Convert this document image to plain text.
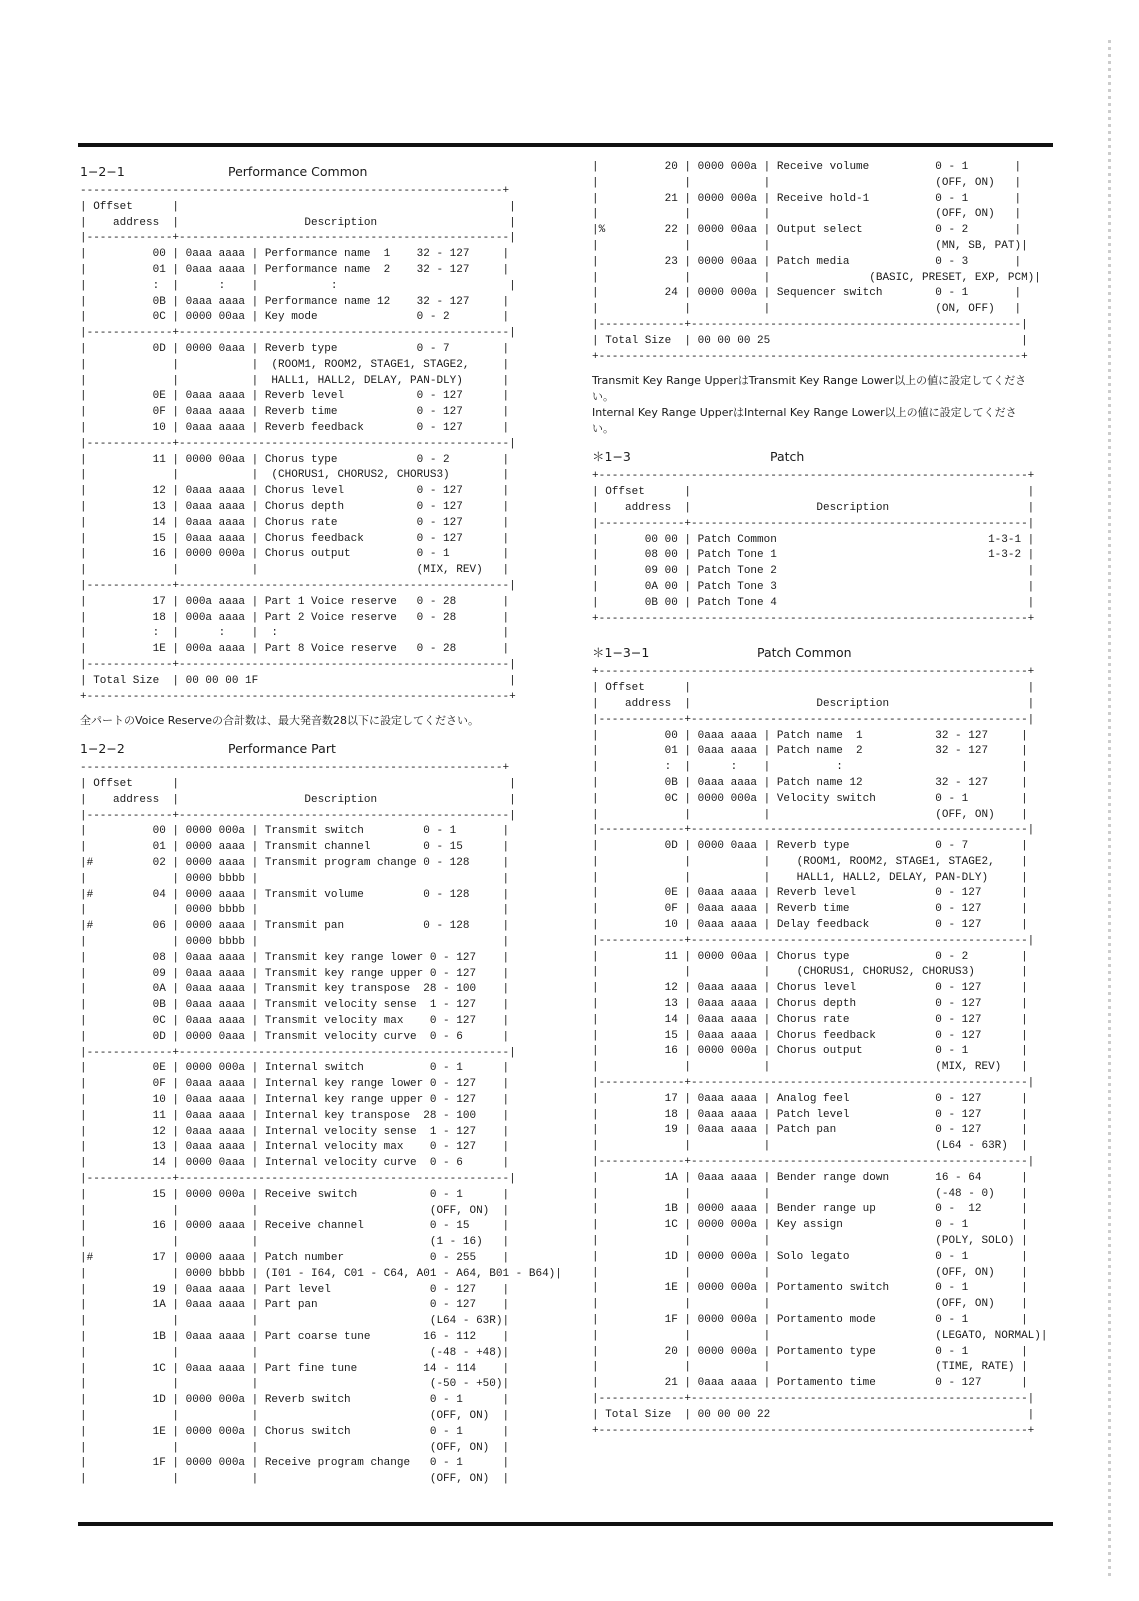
1−2−1	Performance Common
----------------------------------------------------------------+
| Offset      |                                                  |
|    address  |                   Description                    |
|-------------+--------------------------------------------------|
|          00 | 0aaa aaaa | Performance name  1    32 - 127     |
|          01 | 0aaa aaaa | Performance name  2    32 - 127     |
|          :  |      :    |           :                          |
|          0B | 0aaa aaaa | Performance name 12    32 - 127     |
|          0C | 0000 00aa | Key mode               0 - 2        |
|-------------+--------------------------------------------------|
|          0D | 0000 0aaa | Reverb type            0 - 7        |
|             |           |  (ROOM1, ROOM2, STAGE1, STAGE2,     |
|             |           |  HALL1, HALL2, DELAY, PAN-DLY)      |
|          0E | 0aaa aaaa | Reverb level           0 - 127      |
|          0F | 0aaa aaaa | Reverb time            0 - 127      |
|          10 | 0aaa aaaa | Reverb feedback        0 - 127      |
|-------------+--------------------------------------------------|
|          11 | 0000 00aa | Chorus type            0 - 2        |
|             |           |  (CHORUS1, CHORUS2, CHORUS3)        |
|          12 | 0aaa aaaa | Chorus level           0 - 127      |
|          13 | 0aaa aaaa | Chorus depth           0 - 127      |
|          14 | 0aaa aaaa | Chorus rate            0 - 127      |
|          15 | 0aaa aaaa | Chorus feedback        0 - 127      |
|          16 | 0000 000a | Chorus output          0 - 1        |
|             |           |                        (MIX, REV)   |
|-------------+--------------------------------------------------|
|          17 | 000a aaaa | Part 1 Voice reserve   0 - 28       |
|          18 | 000a aaaa | Part 2 Voice reserve   0 - 28       |
|          :  |      :    |  :                                  |
|          1E | 000a aaaa | Part 8 Voice reserve   0 - 28       |
|-------------+--------------------------------------------------|
| Total Size  | 00 00 00 1F                                      |
+----------------------------------------------------------------+
全パートのVoice Reserveの合計数は、最大発音数28以下に設定してください。
1−2−2	Performance Part
----------------------------------------------------------------+
| Offset      |                                                  |
|    address  |                   Description                    |
|-------------+--------------------------------------------------|
|          00 | 0000 000a | Transmit switch         0 - 1       |
|          01 | 0000 aaaa | Transmit channel        0 - 15      |
|#         02 | 0000 aaaa | Transmit program change 0 - 128     |
|             | 0000 bbbb |                                     |
|#         04 | 0000 aaaa | Transmit volume         0 - 128     |
|             | 0000 bbbb |                                     |
|#         06 | 0000 aaaa | Transmit pan            0 - 128     |
|             | 0000 bbbb |                                     |
|          08 | 0aaa aaaa | Transmit key range lower 0 - 127    |
|          09 | 0aaa aaaa | Transmit key range upper 0 - 127    |
|          0A | 0aaa aaaa | Transmit key transpose  28 - 100    |
|          0B | 0aaa aaaa | Transmit velocity sense  1 - 127    |
|          0C | 0aaa aaaa | Transmit velocity max    0 - 127    |
|          0D | 0000 0aaa | Transmit velocity curve  0 - 6      |
|-------------+--------------------------------------------------|
|          0E | 0000 000a | Internal switch          0 - 1      |
|          0F | 0aaa aaaa | Internal key range lower 0 - 127    |
|          10 | 0aaa aaaa | Internal key range upper 0 - 127    |
|          11 | 0aaa aaaa | Internal key transpose  28 - 100    |
|          12 | 0aaa aaaa | Internal velocity sense  1 - 127    |
|          13 | 0aaa aaaa | Internal velocity max    0 - 127    |
|          14 | 0000 0aaa | Internal velocity curve  0 - 6      |
|-------------+--------------------------------------------------|
|          15 | 0000 000a | Receive switch           0 - 1      |
|             |           |                          (OFF, ON)  |
|          16 | 0000 aaaa | Receive channel          0 - 15     |
|             |           |                          (1 - 16)   |
|#         17 | 0000 aaaa | Patch number             0 - 255    |
|             | 0000 bbbb | (I01 - I64, C01 - C64, A01 - A64, B01 - B64)|
|          19 | 0aaa aaaa | Part level               0 - 127    |
|          1A | 0aaa aaaa | Part pan                 0 - 127    |
|             |           |                          (L64 - 63R)|
|          1B | 0aaa aaaa | Part coarse tune        16 - 112    |
|             |           |                          (-48 - +48)|
|          1C | 0aaa aaaa | Part fine tune          14 - 114    |
|             |           |                          (-50 - +50)|
|          1D | 0000 000a | Reverb switch            0 - 1      |
|             |           |                          (OFF, ON)  |
|          1E | 0000 000a | Chorus switch            0 - 1      |
|             |           |                          (OFF, ON)  |
|          1F | 0000 000a | Receive program change   0 - 1      |
|             |           |                          (OFF, ON)  |
|          20 | 0000 000a | Receive volume          0 - 1       |
|             |           |                         (OFF, ON)   |
|          21 | 0000 000a | Receive hold-1          0 - 1       |
|             |           |                         (OFF, ON)   |
|%         22 | 0000 00aa | Output select           0 - 2       |
|             |           |                         (MN, SB, PAT)|
|          23 | 0000 00aa | Patch media             0 - 3       |
|             |           |               (BASIC, PRESET, EXP, PCM)|
|          24 | 0000 000a | Sequencer switch        0 - 1       |
|             |           |                         (ON, OFF)   |
|-------------+--------------------------------------------------|
| Total Size  | 00 00 00 25                                      |
+----------------------------------------------------------------+
Transmit Key Range UpperはTransmit Key Range Lower以上の値に設定してください。
Internal Key Range UpperはInternal Key Range Lower以上の値に設定してください。
＊1−3	Patch
+-----------------------------------------------------------------+
| Offset      |                                                   |
|    address  |                   Description                     |
|-------------+---------------------------------------------------|
|       00 00 | Patch Common                                1-3-1 |
|       08 00 | Patch Tone 1                                1-3-2 |
|       09 00 | Patch Tone 2                                      |
|       0A 00 | Patch Tone 3                                      |
|       0B 00 | Patch Tone 4                                      |
+-----------------------------------------------------------------+
＊1−3−1	Patch Common
+-----------------------------------------------------------------+
| Offset      |                                                   |
|    address  |                   Description                     |
|-------------+---------------------------------------------------|
|          00 | 0aaa aaaa | Patch name  1           32 - 127     |
|          01 | 0aaa aaaa | Patch name  2           32 - 127     |
|          :  |      :    |          :                           |
|          0B | 0aaa aaaa | Patch name 12           32 - 127     |
|          0C | 0000 000a | Velocity switch         0 - 1        |
|             |           |                         (OFF, ON)    |
|-------------+---------------------------------------------------|
|          0D | 0000 0aaa | Reverb type             0 - 7        |
|             |           |    (ROOM1, ROOM2, STAGE1, STAGE2,    |
|             |           |    HALL1, HALL2, DELAY, PAN-DLY)     |
|          0E | 0aaa aaaa | Reverb level            0 - 127      |
|          0F | 0aaa aaaa | Reverb time             0 - 127      |
|          10 | 0aaa aaaa | Delay feedback          0 - 127      |
|-------------+---------------------------------------------------|
|          11 | 0000 00aa | Chorus type             0 - 2        |
|             |           |    (CHORUS1, CHORUS2, CHORUS3)       |
|          12 | 0aaa aaaa | Chorus level            0 - 127      |
|          13 | 0aaa aaaa | Chorus depth            0 - 127      |
|          14 | 0aaa aaaa | Chorus rate             0 - 127      |
|          15 | 0aaa aaaa | Chorus feedback         0 - 127      |
|          16 | 0000 000a | Chorus output           0 - 1        |
|             |           |                         (MIX, REV)   |
|-------------+---------------------------------------------------|
|          17 | 0aaa aaaa | Analog feel             0 - 127      |
|          18 | 0aaa aaaa | Patch level             0 - 127      |
|          19 | 0aaa aaaa | Patch pan               0 - 127      |
|             |           |                         (L64 - 63R)  |
|-------------+---------------------------------------------------|
|          1A | 0aaa aaaa | Bender range down       16 - 64      |
|             |           |                         (-48 - 0)    |
|          1B | 0000 aaaa | Bender range up         0 -  12      |
|          1C | 0000 000a | Key assign              0 - 1        |
|             |           |                         (POLY, SOLO) |
|          1D | 0000 000a | Solo legato             0 - 1        |
|             |           |                         (OFF, ON)    |
|          1E | 0000 000a | Portamento switch       0 - 1        |
|             |           |                         (OFF, ON)    |
|          1F | 0000 000a | Portamento mode         0 - 1        |
|             |           |                         (LEGATO, NORMAL)|
|          20 | 0000 000a | Portamento type         0 - 1        |
|             |           |                         (TIME, RATE) |
|          21 | 0aaa aaaa | Portamento time         0 - 127      |
|-------------+---------------------------------------------------|
| Total Size  | 00 00 00 22                                       |
+-----------------------------------------------------------------+
